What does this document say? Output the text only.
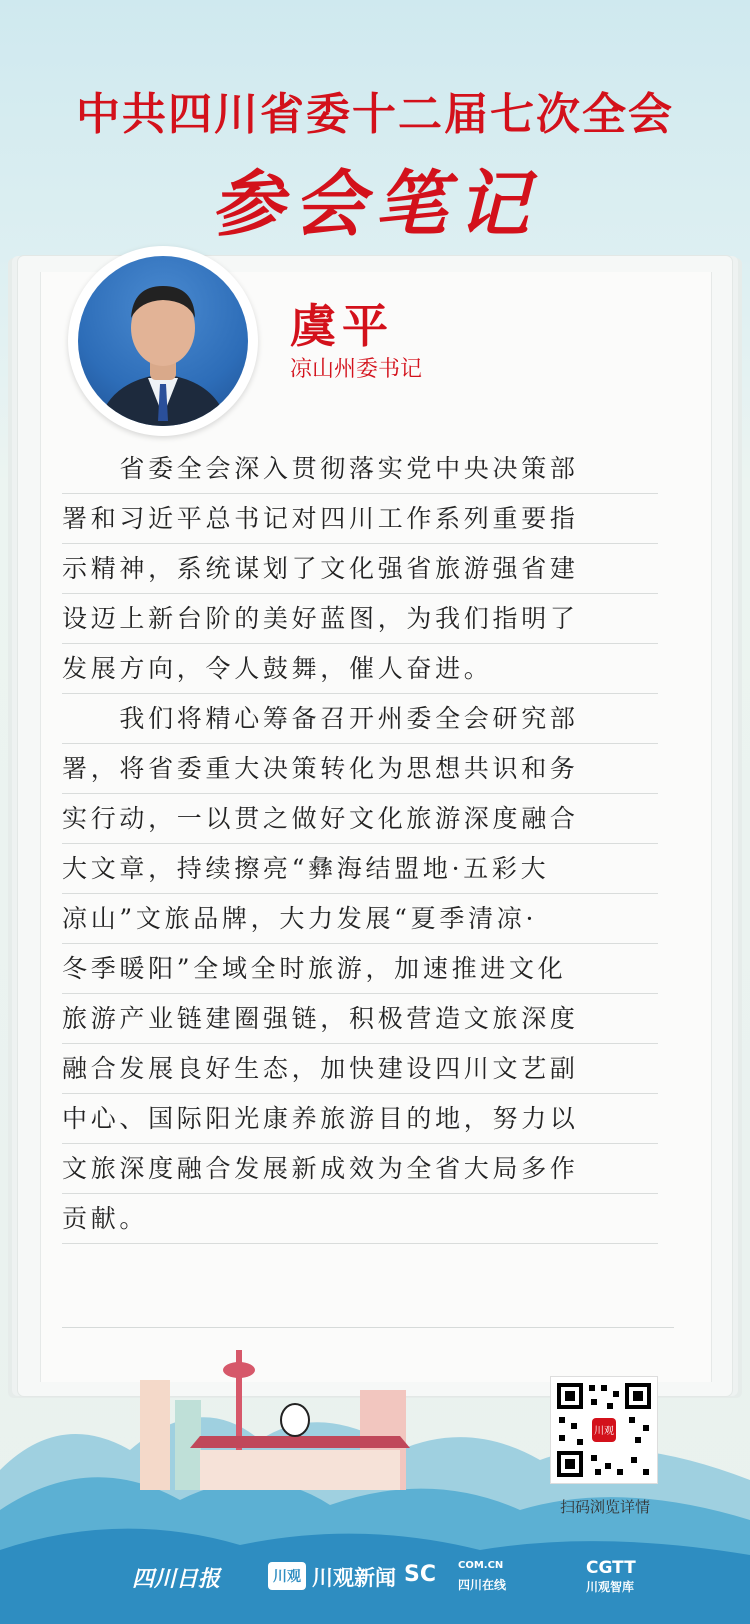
中共四川省委十二届七次全会
参会笔记
虞平
凉山州委书记
　　省委全会深入贯彻落实党中央决策部
署和习近平总书记对四川工作系列重要指
示精神，系统谋划了文化强省旅游强省建
设迈上新台阶的美好蓝图，为我们指明了
发展方向，令人鼓舞，催人奋进。
　　我们将精心筹备召开州委全会研究部
署，将省委重大决策转化为思想共识和务
实行动，一以贯之做好文化旅游深度融合
大文章，持续擦亮“彝海结盟地·五彩大
凉山”文旅品牌，大力发展“夏季清凉·
冬季暖阳”全域全时旅游，加速推进文化
旅游产业链建圈强链，积极营造文旅深度
融合发展良好生态，加快建设四川文艺副
中心、国际阳光康养旅游目的地，努力以
文旅深度融合发展新成效为全省大局多作
贡献。
川观
扫码浏览详情
四川日报	川观 川观新闻 SC COM.CN
四川在线
CGTT
川观智库
